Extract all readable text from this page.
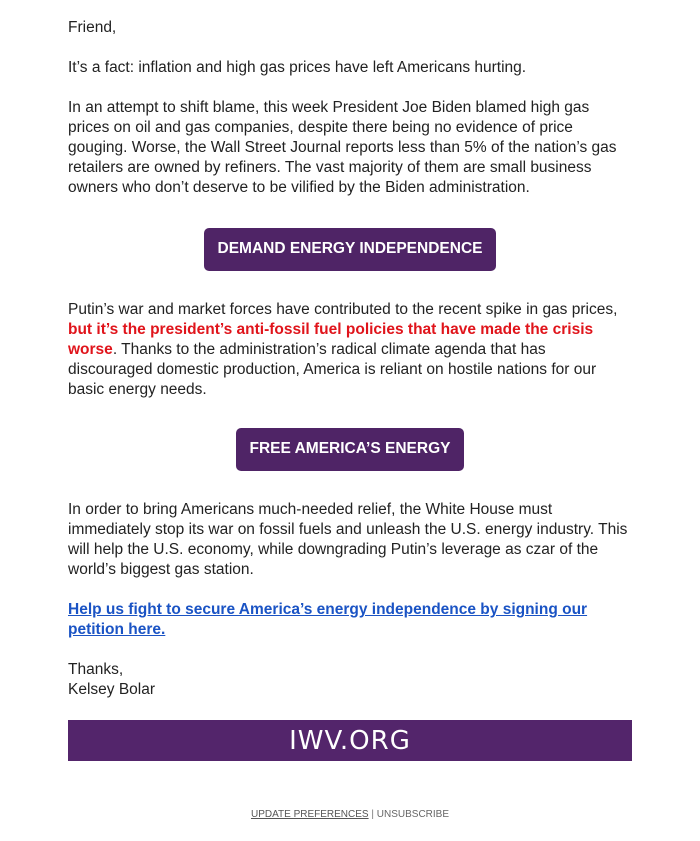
Friend,

It’s a fact: inflation and high gas prices have left Americans hurting.

In an attempt to shift blame, this week President Joe Biden blamed high gas prices on oil and gas companies, despite there being no evidence of price gouging. Worse, the Wall Street Journal reports less than 5% of the nation’s gas retailers are owned by refiners. The vast majority of them are small business owners who don’t deserve to be vilified by the Biden administration.

DEMAND ENERGY INDEPENDENCE

Putin’s war and market forces have contributed to the recent spike in gas prices, but it’s the president’s anti-fossil fuel policies that have made the crisis worse. Thanks to the administration’s radical climate agenda that has discouraged domestic production, America is reliant on hostile nations for our basic energy needs.

FREE AMERICA’S ENERGY

In order to bring Americans much-needed relief, the White House must immediately stop its war on fossil fuels and unleash the U.S. energy industry. This will help the U.S. economy, while downgrading Putin’s leverage as czar of the world’s biggest gas station.

Help us fight to secure America’s energy independence by signing our petition here.

Thanks,

Kelsey Bolar

IWV.ORG
UPDATE PREFERENCES | UNSUBSCRIBE
